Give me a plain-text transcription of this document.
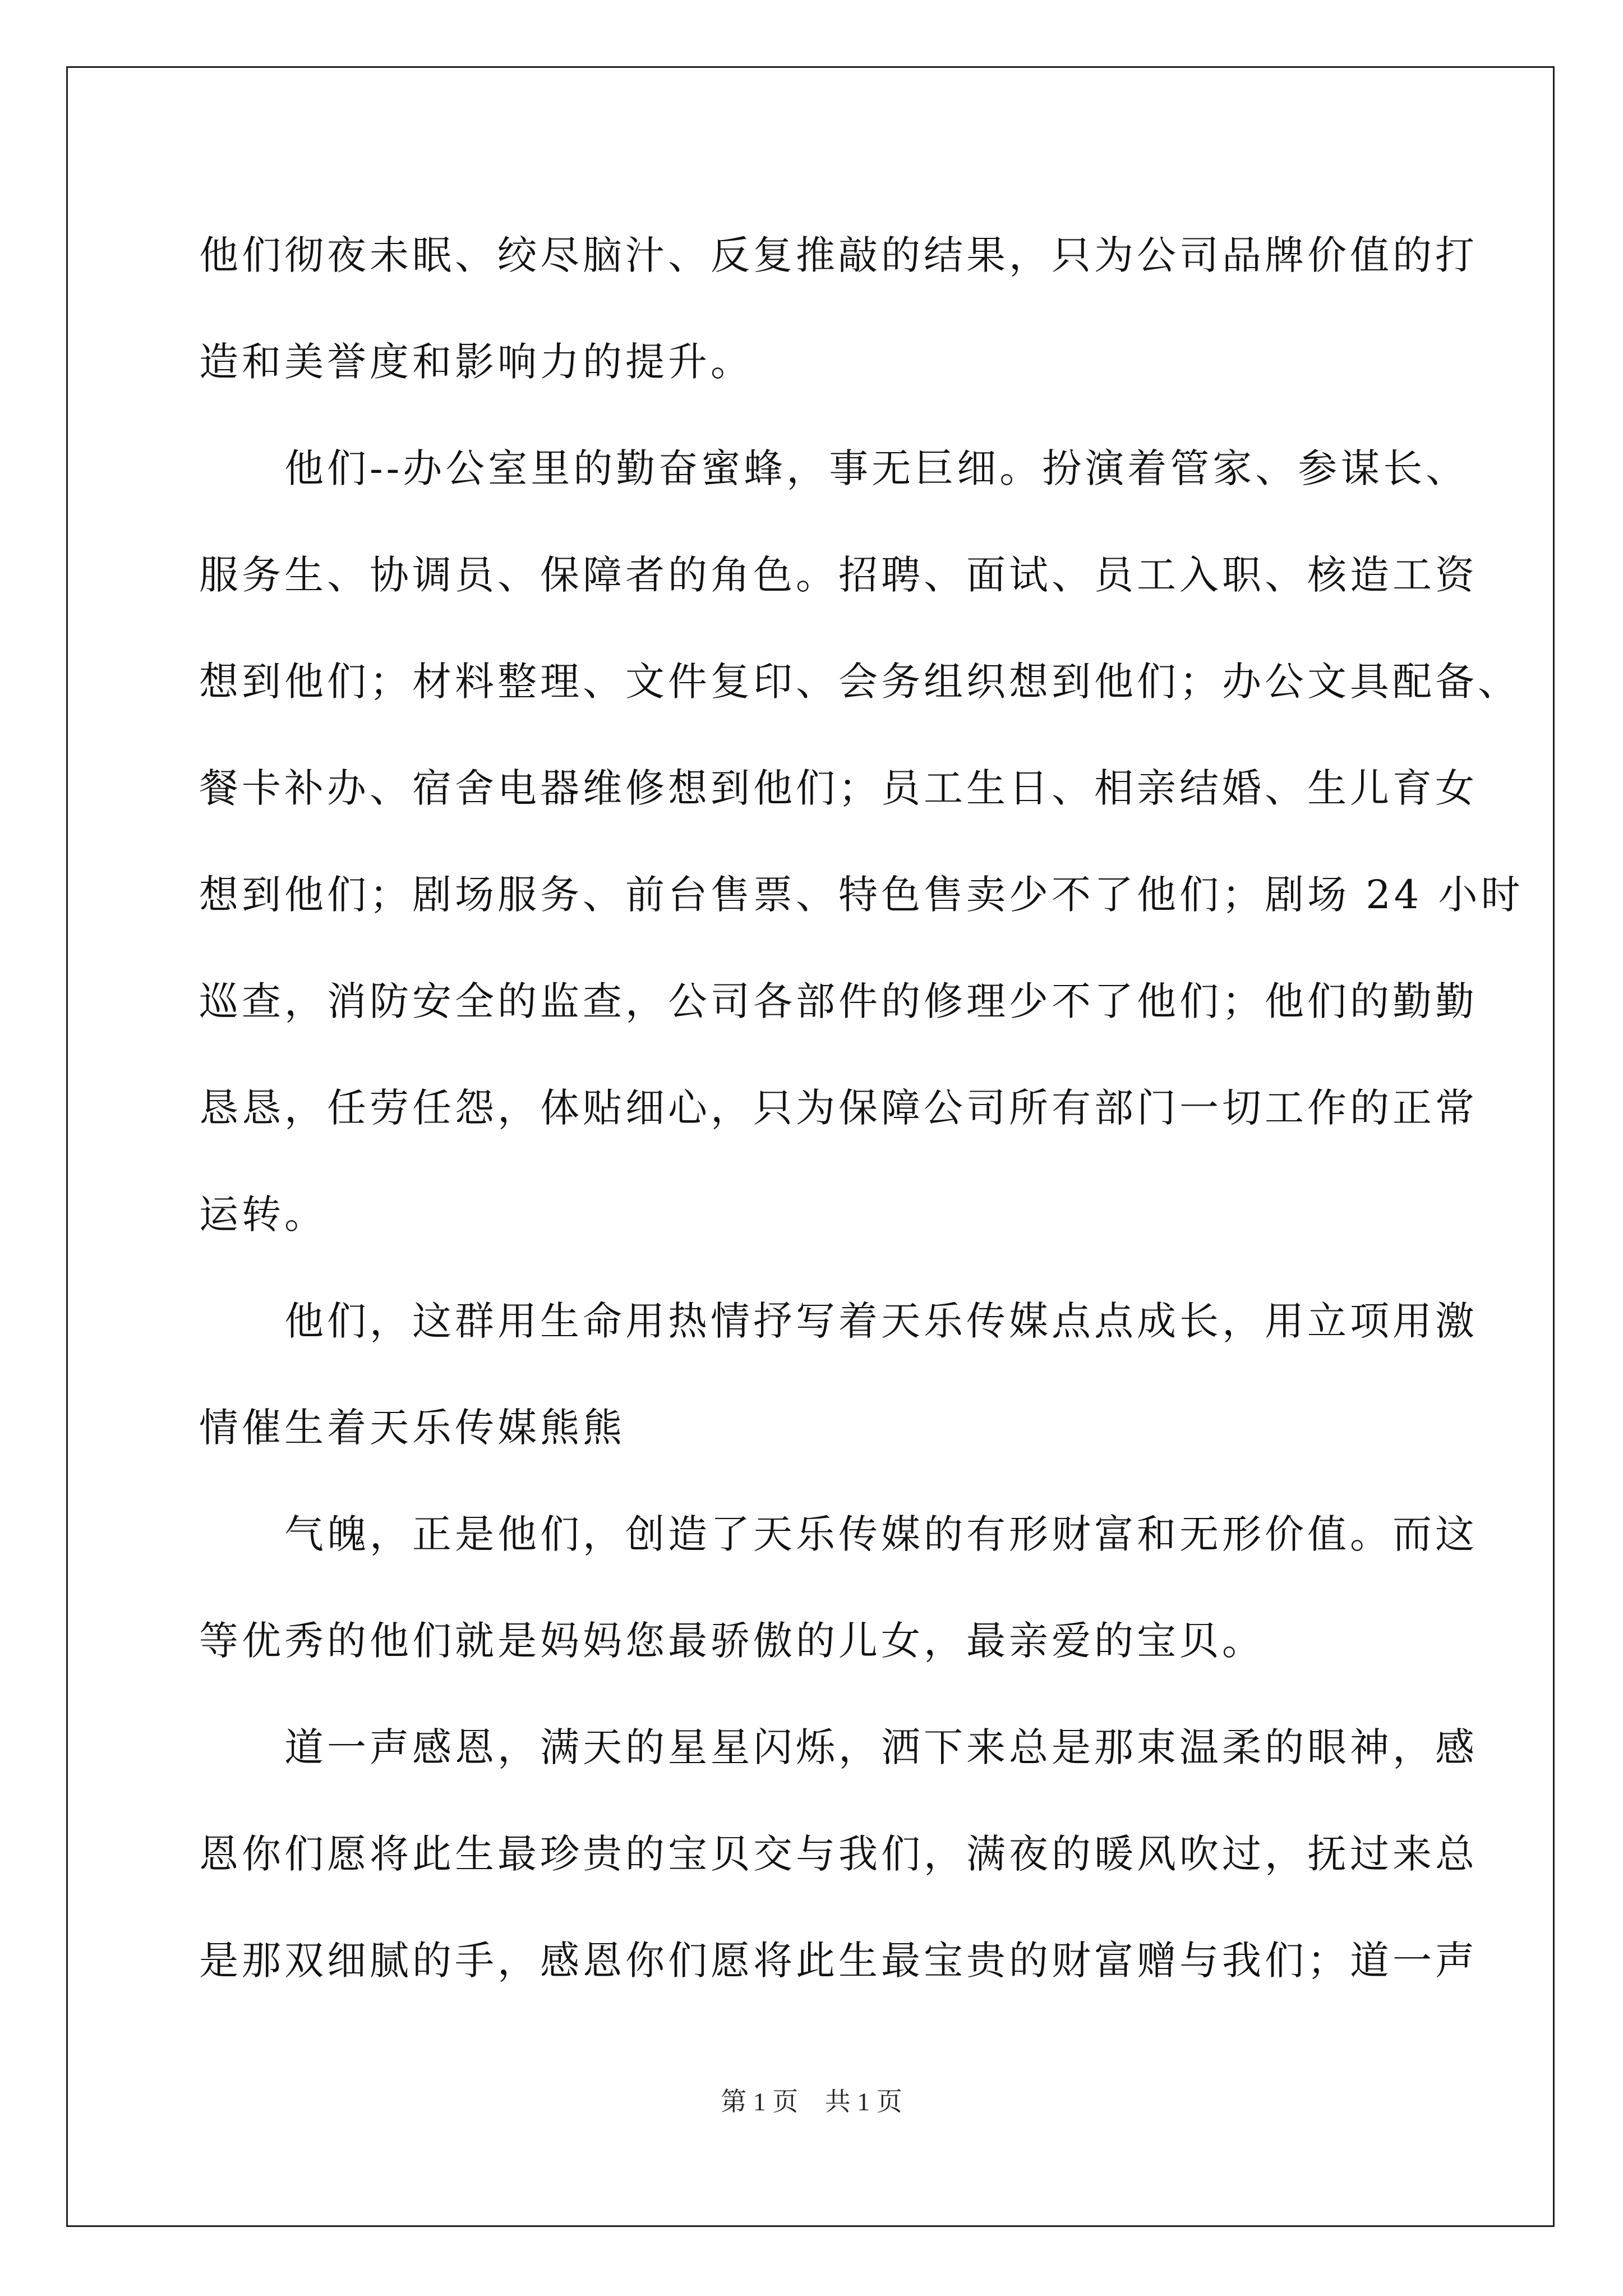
他们彻夜未眠、绞尽脑汁、反复推敲的结果，只为公司品牌价值的打
造和美誉度和影响力的提升。
　　他们--办公室里的勤奋蜜蜂，事无巨细。扮演着管家、参谋长、
服务生、协调员、保障者的角色。招聘、面试、员工入职、核造工资
想到他们；材料整理、文件复印、会务组织想到他们；办公文具配备、
餐卡补办、宿舍电器维修想到他们；员工生日、相亲结婚、生儿育女
想到他们；剧场服务、前台售票、特色售卖少不了他们；剧场 24 小时
巡查，消防安全的监查，公司各部件的修理少不了他们；他们的勤勤
恳恳，任劳任怨，体贴细心，只为保障公司所有部门一切工作的正常
运转。
　　他们，这群用生命用热情抒写着天乐传媒点点成长，用立项用激
情催生着天乐传媒熊熊
　　气魄，正是他们，创造了天乐传媒的有形财富和无形价值。而这
等优秀的他们就是妈妈您最骄傲的儿女，最亲爱的宝贝。
　　道一声感恩，满天的星星闪烁，洒下来总是那束温柔的眼神，感
恩你们愿将此生最珍贵的宝贝交与我们，满夜的暖风吹过，抚过来总
是那双细腻的手，感恩你们愿将此生最宝贵的财富赠与我们；道一声
第 1 页 共 1 页
